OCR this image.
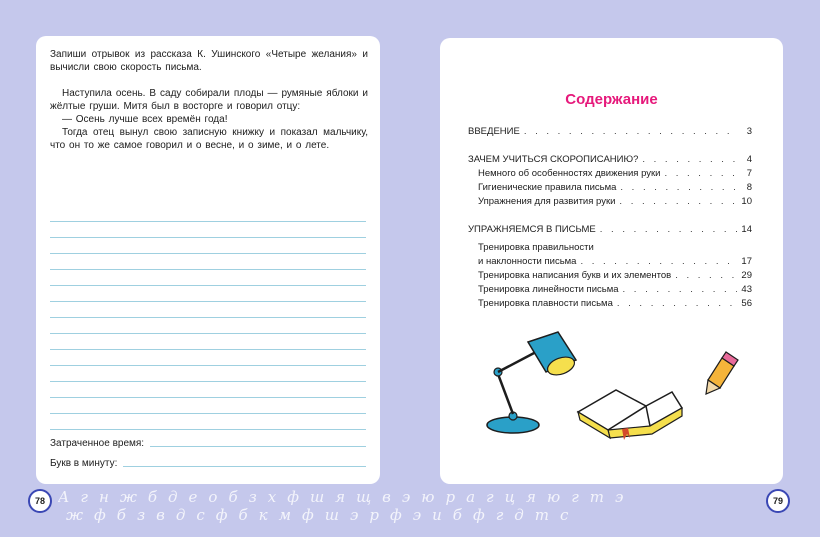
Запиши отрывок из рассказа К. Ушинского «Четыре желания» и вычисли свою скорость письма.

Наступила осень. В саду собирали плоды — румяные яблоки и жёлтые груши. Митя был в восторге и говорил отцу:

— Осень лучше всех времён года!

Тогда отец вынул свою записную книжку и показал мальчику, что он то же самое говорил и о весне, и о зиме, и о лете.

Затраченное время:
Букв в минуту:
Содержание
ВВЕДЕНИЕ . . .	3
ЗАЧЕМ УЧИТЬСЯ СКОРОПИСАНИЮ? . . .	4
Немного об особенностях движения руки . . .	7
Гигиенические правила письма . . .	8
Упражнения для развития руки . . .	10
УПРАЖНЯЕМСЯ В ПИСЬМЕ . . .	14
Тренировка правильности
и наклонности письма . . .	17
Тренировка написания букв и их элементов . . .	29
Тренировка линейности письма . . .	43
Тренировка плавности письма . . .	56
Агнжбдеобзхфшящвэюрагцяюгтэ
жфбзвдсфбкмфшэрфэибфгдтс
78	79
